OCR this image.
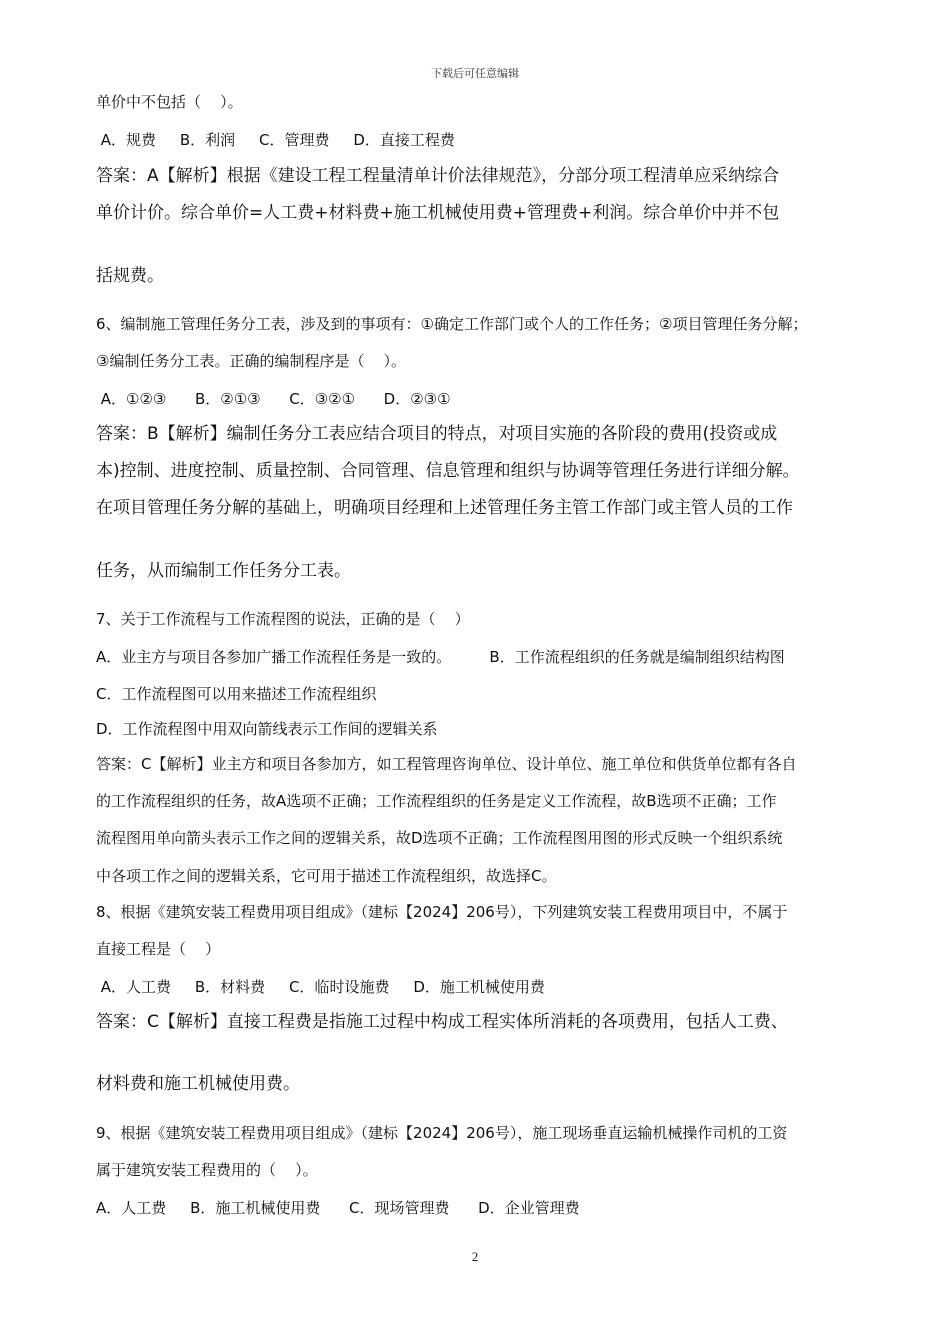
下载后可任意编辑
单价中不包括（    ）。
A．规费     B．利润     C．管理费     D．直接工程费
答案：A【解析】根据《建设工程工程量清单计价法律规范》，分部分项工程清单应采纳综合
单价计价。综合单价=人工费+材料费+施工机械使用费+管理费+利润。综合单价中并不包
括规费。
6、编制施工管理任务分工表，涉及到的事项有：①确定工作部门或个人的工作任务；②项目管理任务分解；
③编制任务分工表。正确的编制程序是（    ）。
A．①②③      B．②①③      C．③②①      D．②③①
答案：B【解析】编制任务分工表应结合项目的特点，对项目实施的各阶段的费用(投资或成
本)控制、进度控制、质量控制、合同管理、信息管理和组织与协调等管理任务进行详细分解。
在项目管理任务分解的基础上，明确项目经理和上述管理任务主管工作部门或主管人员的工作
任务，从而编制工作任务分工表。
7、关于工作流程与工作流程图的说法，正确的是（    ）
A．业主方与项目各参加广播工作流程任务是一致的。        B．工作流程组织的任务就是编制组织结构图
C．工作流程图可以用来描述工作流程组织
D．工作流程图中用双向箭线表示工作间的逻辑关系
答案：C【解析】业主方和项目各参加方，如工程管理咨询单位、设计单位、施工单位和供货单位都有各自
的工作流程组织的任务，故A选项不正确；工作流程组织的任务是定义工作流程，故B选项不正确；工作
流程图用单向箭头表示工作之间的逻辑关系，故D选项不正确；工作流程图用图的形式反映一个组织系统
中各项工作之间的逻辑关系，它可用于描述工作流程组织，故选择C。
8、根据《建筑安装工程费用项目组成》（建标【2024】206号），下列建筑安装工程费用项目中，不属于
直接工程是（    ）
A．人工费     B．材料费     C．临时设施费     D．施工机械使用费
答案：C【解析】直接工程费是指施工过程中构成工程实体所消耗的各项费用，包括人工费、
材料费和施工机械使用费。
9、根据《建筑安装工程费用项目组成》（建标【2024】206号），施工现场垂直运输机械操作司机的工资
属于建筑安装工程费用的（    ）。
A．人工费     B．施工机械使用费      C．现场管理费      D．企业管理费
2
